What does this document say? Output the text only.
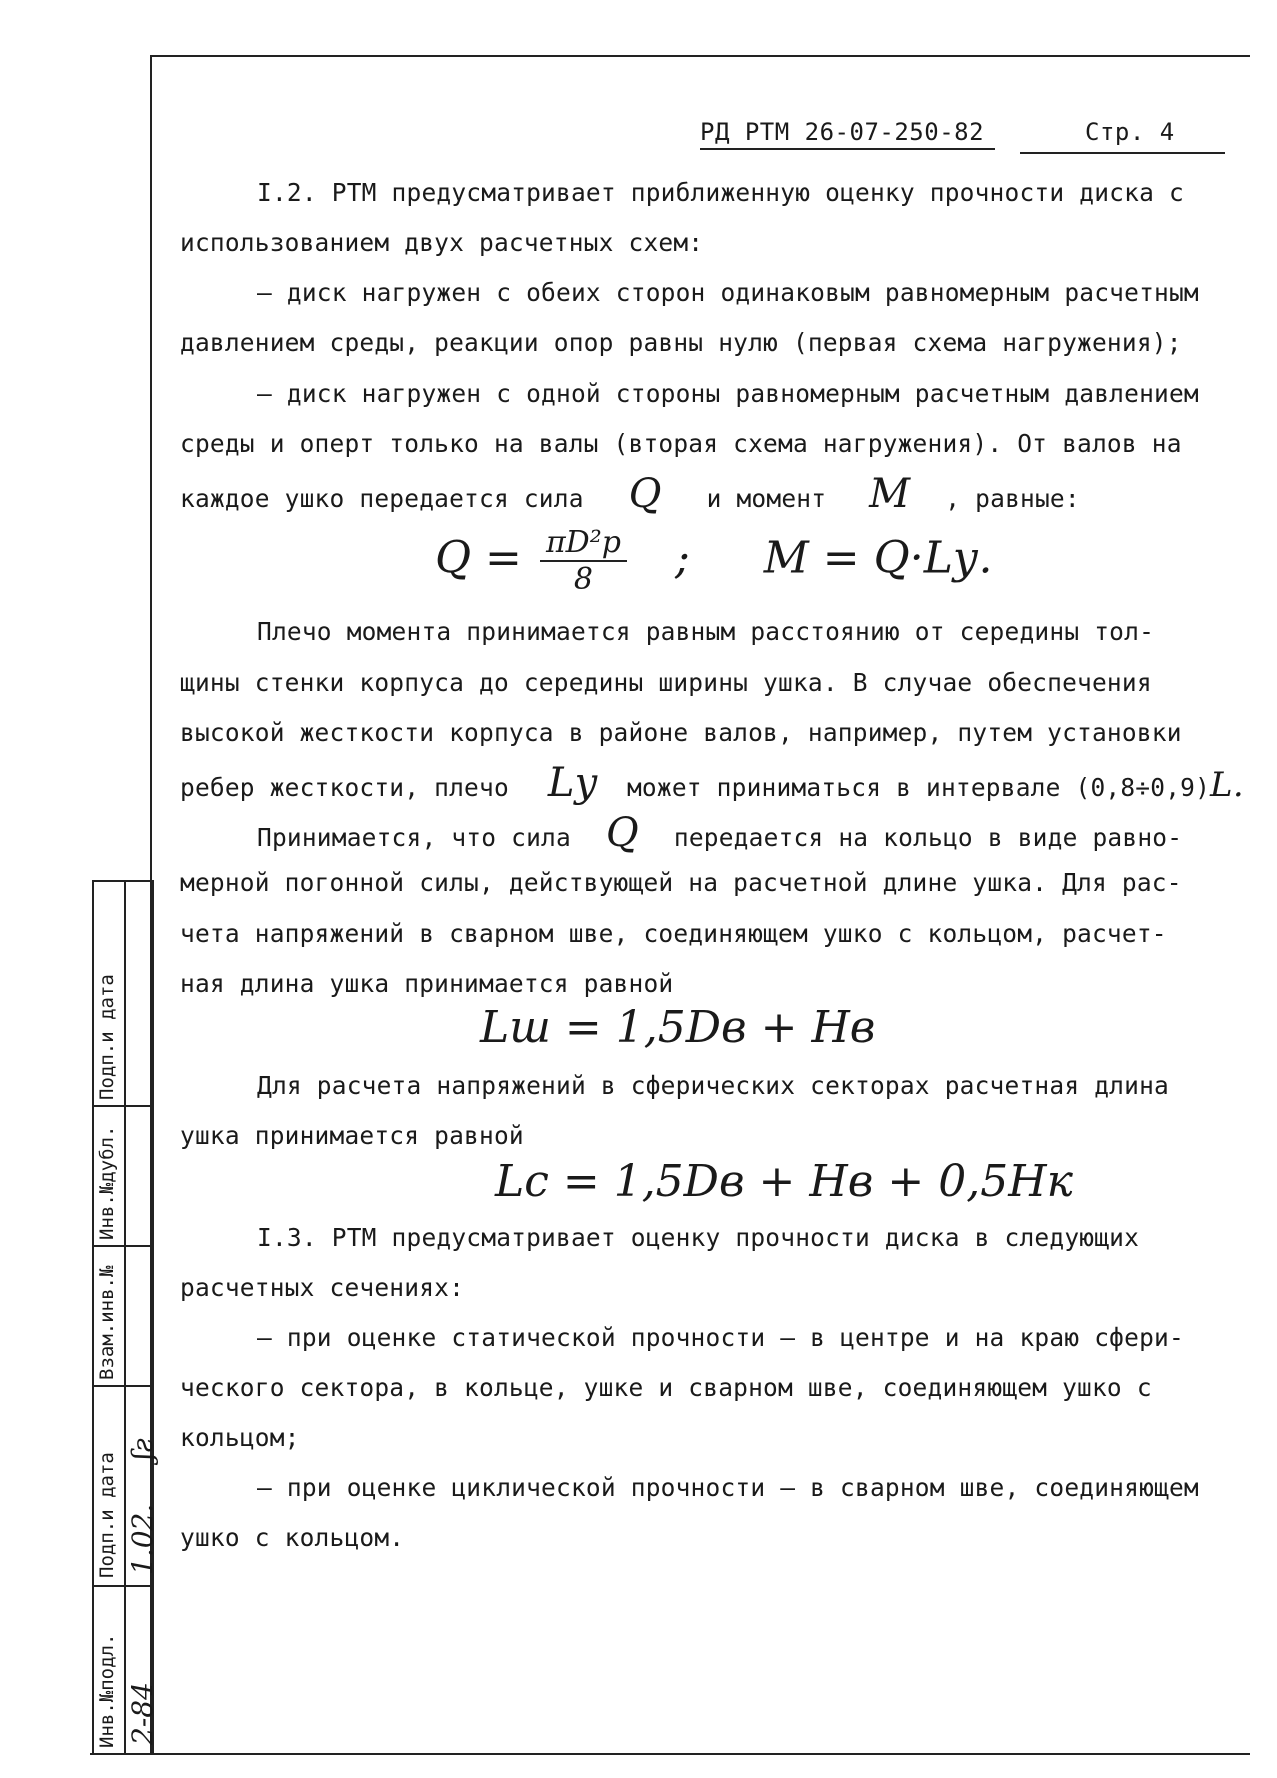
РД РТМ 26-07-250-82	Стр. 4
I.2. РТМ предусматривает приближенную оценку прочности диска с
использованием двух расчетных схем:
– диск нагружен с обеих сторон одинаковым равномерным расчетным
давлением среды, реакции опор равны нулю (первая схема нагружения);
– диск нагружен с одной стороны равномерным расчетным давлением
среды и оперт только на валы (вторая схема нагружения). От валов на
каждое ушко передается сила Q и момент M , равные:
$Q = \frac{\text{πD²p}}{8}$ ; M = Q·Lу.
Плечо момента принимается равным расстоянию от середины тол-
щины стенки корпуса до середины ширины ушка. В случае обеспечения
высокой жесткости корпуса в районе валов, например, путем установки
ребер жесткости, плечо Lу может приниматься в интервале (0,8÷0,9)L.
Принимается, что сила Q передается на кольцо в виде равно-
мерной погонной силы, действующей на расчетной длине ушка. Для рас-
чета напряжений в сварном шве, соединяющем ушко с кольцом, расчет-
ная длина ушка принимается равной
Lш = 1,5Dв + Hв
Для расчета напряжений в сферических секторах расчетная длина
ушка принимается равной
Lс = 1,5Dв + Hв + 0,5Hк
I.3. РТМ предусматривает оценку прочности диска в следующих
расчетных сечениях:
– при оценке статической прочности – в центре и на краю сфери-
ческого сектора, в кольце, ушке и сварном шве, соединяющем ушко с
кольцом;
– при оценке циклической прочности – в сварном шве, соединяющем
ушко с кольцом.
Инв.№подл.
Подп.и дата
Взам.инв.№
Инв.№дубл.
Подп.и дата
2-84
1.02.
ʃƨ
